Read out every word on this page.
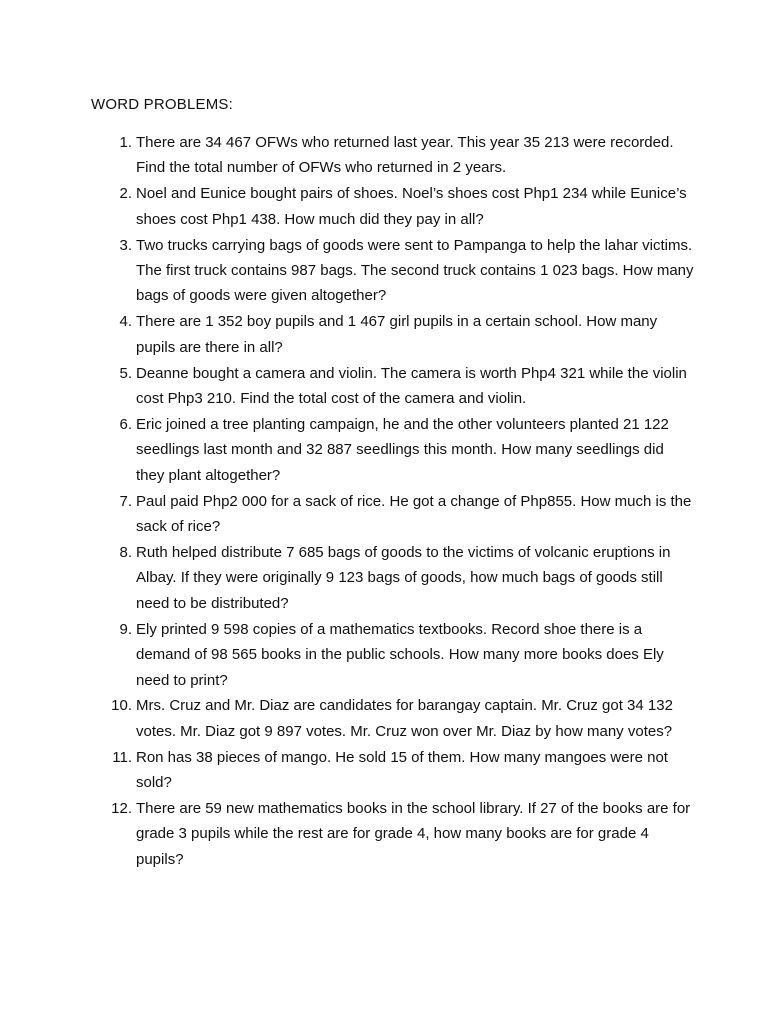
WORD PROBLEMS:
1. There are 34 467 OFWs who returned last year. This year 35 213 were recorded. Find the total number of OFWs who returned in 2 years.
2. Noel and Eunice bought pairs of shoes. Noel’s shoes cost Php1 234 while Eunice’s shoes cost Php1 438. How much did they pay in all?
3. Two trucks carrying bags of goods were sent to Pampanga to help the lahar victims. The first truck contains 987 bags. The second truck contains 1 023 bags. How many bags of goods were given altogether?
4. There are 1 352 boy pupils and 1 467 girl pupils in a certain school. How many pupils are there in all?
5. Deanne bought a camera and violin. The camera is worth Php4 321 while the violin cost Php3 210. Find the total cost of the camera and violin.
6. Eric joined a tree planting campaign, he and the other volunteers planted 21 122 seedlings last month and 32 887 seedlings this month. How many seedlings did they plant altogether?
7. Paul paid Php2 000 for a sack of rice. He got a change of Php855. How much is the sack of rice?
8. Ruth helped distribute 7 685 bags of goods to the victims of volcanic eruptions in Albay. If they were originally 9 123 bags of goods, how much bags of goods still need to be distributed?
9. Ely printed 9 598 copies of a mathematics textbooks. Record shoe there is a demand of 98 565 books in the public schools. How many more books does Ely need to print?
10. Mrs. Cruz and Mr. Diaz are candidates for barangay captain. Mr. Cruz got 34 132 votes. Mr. Diaz got 9 897 votes. Mr. Cruz won over Mr. Diaz by how many votes?
11. Ron has 38 pieces of mango. He sold 15 of them. How many mangoes were not sold?
12. There are 59 new mathematics books in the school library. If 27 of the books are for grade 3 pupils while the rest are for grade 4, how many books are for grade 4 pupils?
